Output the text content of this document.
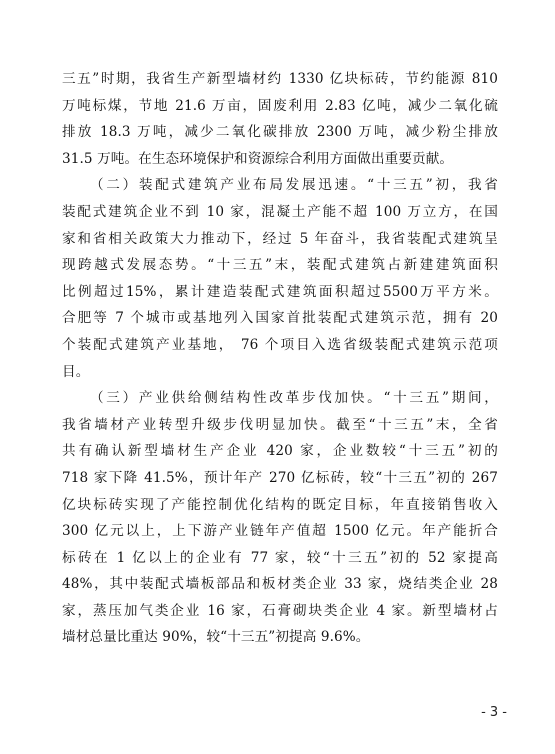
三五”时期，我省生产新型墙材约 1330 亿块标砖，节约能源 810
万吨标煤，节地 21.6 万亩，固废利用 2.83 亿吨，减少二氧化硫
排放 18.3 万吨，减少二氧化碳排放 2300 万吨，减少粉尘排放
31.5 万吨。在生态环境保护和资源综合利用方面做出重要贡献。
（二）装配式建筑产业布局发展迅速。“十三五”初，我省
装配式建筑企业不到 10 家，混凝土产能不超 100 万立方，在国
家和省相关政策大力推动下，经过 5 年奋斗，我省装配式建筑呈
现跨越式发展态势。“十三五”末，装配式建筑占新建建筑面积
比例超过15%，累计建造装配式建筑面积超过5500万平方米。
合肥等 7 个城市或基地列入国家首批装配式建筑示范，拥有 20
个装配式建筑产业基地， 76 个项目入选省级装配式建筑示范项
目。
（三）产业供给侧结构性改革步伐加快。“十三五”期间，
我省墙材产业转型升级步伐明显加快。截至“十三五”末，全省
共有确认新型墙材生产企业 420 家，企业数较“十三五”初的
718 家下降 41.5%，预计年产 270 亿标砖，较“十三五”初的 267
亿块标砖实现了产能控制优化结构的既定目标，年直接销售收入
300 亿元以上，上下游产业链年产值超 1500 亿元。年产能折合
标砖在 1 亿以上的企业有 77 家，较“十三五”初的 52 家提高
48%，其中装配式墙板部品和板材类企业 33 家，烧结类企业 28
家，蒸压加气类企业 16 家，石膏砌块类企业 4 家。新型墙材占
墙材总量比重达 90%，较“十三五”初提高 9.6%。
- 3 -
